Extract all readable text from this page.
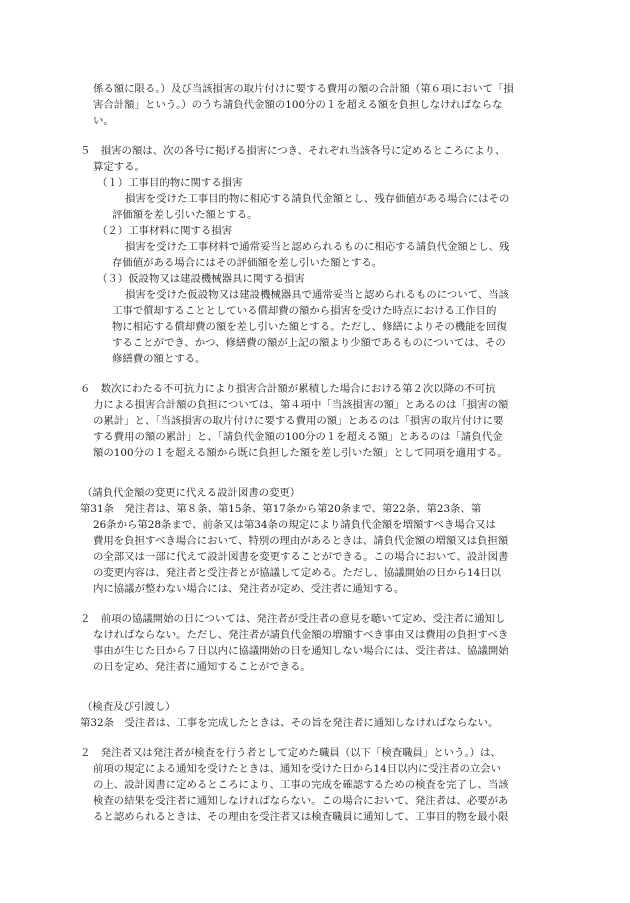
係る額に限る。）及び当該損害の取片付けに要する費用の額の合計額（第６項において「損

害合計額」という。）のうち請負代金額の100分の１を超える額を負担しなければならな

い。

５　損害の額は、次の各号に掲げる損害につき、それぞれ当該各号に定めるところにより、

算定する。

（１）工事目的物に関する損害

損害を受けた工事目的物に相応する請負代金額とし、残存価値がある場合にはその

評価額を差し引いた額とする。

（２）工事材料に関する損害

損害を受けた工事材料で通常妥当と認められるものに相応する請負代金額とし、残

存価値がある場合にはその評価額を差し引いた額とする。

（３）仮設物又は建設機械器具に関する損害

損害を受けた仮設物又は建設機械器具で通常妥当と認められるものについて、当該

工事で償却することとしている償却費の額から損害を受けた時点における工作目的

物に相応する償却費の額を差し引いた額とする。ただし、修繕によりその機能を回復

することができ、かつ、修繕費の額が上記の額より少額であるものについては、その

修繕費の額とする。

６　数次にわたる不可抗力により損害合計額が累積した場合における第２次以降の不可抗

力による損害合計額の負担については、第４項中「当該損害の額」とあるのは「損害の額

の累計」と、「当該損害の取片付けに要する費用の額」とあるのは「損害の取片付けに要

する費用の額の累計」と、「請負代金額の100分の１を超える額」とあるのは「請負代金

額の100分の１を超える額から既に負担した額を差し引いた額」として同項を適用する。

（請負代金額の変更に代える設計図書の変更）

第31条　発注者は、第８条、第15条、第17条から第20条まで、第22条、第23条、第

26条から第28条まで、前条又は第34条の規定により請負代金額を増額すべき場合又は

費用を負担すべき場合において、特別の理由があるときは、請負代金額の増額又は負担額

の全部又は一部に代えて設計図書を変更することができる。この場合において、設計図書

の変更内容は、発注者と受注者とが協議して定める。ただし、協議開始の日から14日以

内に協議が整わない場合には、発注者が定め、受注者に通知する。

２　前項の協議開始の日については、発注者が受注者の意見を聴いて定め、受注者に通知し

なければならない。ただし、発注者が請負代金額の増額すべき事由又は費用の負担すべき

事由が生じた日から７日以内に協議開始の日を通知しない場合には、受注者は、協議開始

の日を定め、発注者に通知することができる。

（検査及び引渡し）

第32条　受注者は、工事を完成したときは、その旨を発注者に通知しなければならない。

２　発注者又は発注者が検査を行う者として定めた職員（以下「検査職員」という。）は、

前項の規定による通知を受けたときは、通知を受けた日から14日以内に受注者の立会い

の上、設計図書に定めるところにより、工事の完成を確認するための検査を完了し、当該

検査の結果を受注者に通知しなければならない。この場合において、発注者は、必要があ

ると認められるときは、その理由を受注者又は検査職員に通知して、工事目的物を最小限
